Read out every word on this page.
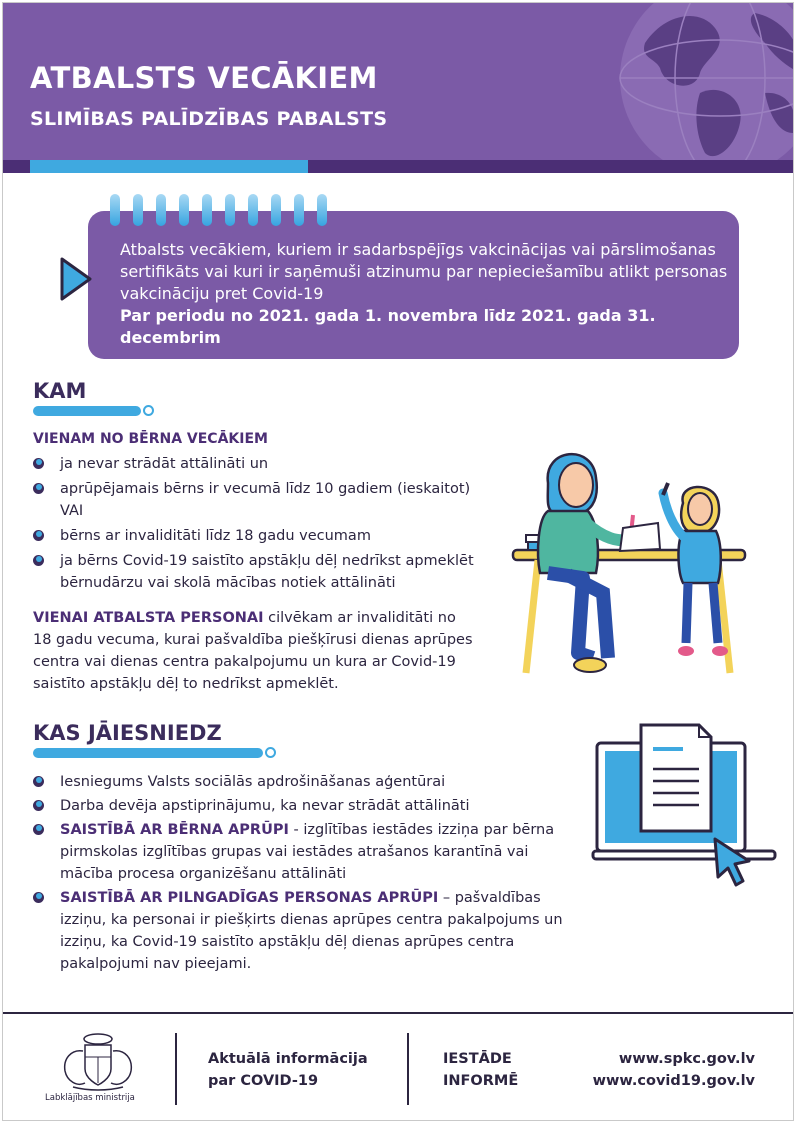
ATBALSTS VECĀKIEM
SLIMĪBAS PALĪDZĪBAS PABALSTS
Atbalsts vecākiem, kuriem ir sadarbspējīgs vakcinācijas vai pārslimošanas sertifikāts vai kuri ir saņēmuši atzinumu par nepieciešamību atlikt personas vakcināciju pret Covid-19
Par periodu no 2021. gada 1. novembra līdz 2021. gada 31. decembrim
KAM
VIENAM NO BĒRNA VECĀKIEM
ja nevar strādāt attālināti un
aprūpējamais bērns ir vecumā līdz 10 gadiem (ieskaitot)
VAI
bērns ar invaliditāti līdz 18 gadu vecumam
ja bērns Covid-19 saistīto apstākļu dēļ nedrīkst apmeklēt bērnudārzu vai skolā mācības notiek attālināti
VIENAI ATBALSTA PERSONAI cilvēkam ar invaliditāti no 18 gadu vecuma, kurai pašvaldība piešķīrusi dienas aprūpes centra vai dienas centra pakalpojumu un kura ar Covid-19 saistīto apstākļu dēļ to nedrīkst apmeklēt.
KAS JĀIESNIEDZ
Iesniegums Valsts sociālās apdrošināšanas aģentūrai
Darba devēja apstiprinājumu, ka nevar strādāt attālināti
SAISTĪBĀ AR BĒRNA APRŪPI - izglītības iestādes izziņa par bērna pirmskolas izglītības grupas vai iestādes atrašanos karantīnā vai mācība procesa organizēšanu attālināti
SAISTĪBĀ AR PILNGADĪGAS PERSONAS APRŪPI – pašvaldības izziņu, ka personai ir piešķirts dienas aprūpes centra pakalpojums un izziņu, ka Covid-19 saistīto apstākļu dēļ dienas aprūpes centra pakalpojumi nav pieejami.
Labklājības ministrija
Aktuālā informācija
par COVID-19
IESTĀDE
INFORMĒ
www.spkc.gov.lv
www.covid19.gov.lv
